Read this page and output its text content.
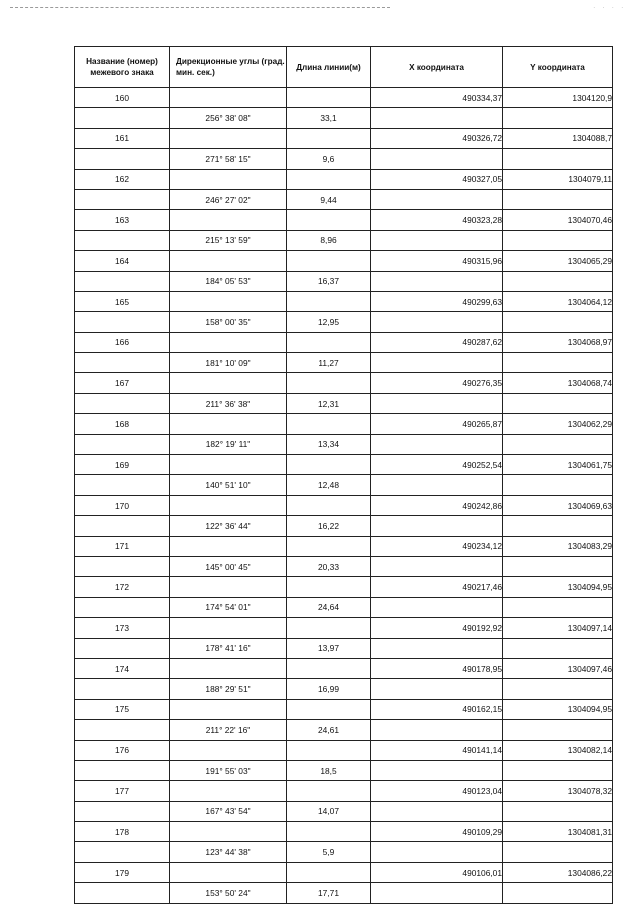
. . . .
Название (номер) межевого знака	Дирекционные углы (град. мин. сек.)	Длина линии(м)	X координата	Y координата
160			490334,37	1304120,9
	256° 38' 08"	33,1		
161			490326,72	1304088,7
	271° 58' 15"	9,6		
162			490327,05	1304079,11
	246° 27' 02"	9,44		
163			490323,28	1304070,46
	215° 13' 59"	8,96		
164			490315,96	1304065,29
	184° 05' 53"	16,37		
165			490299,63	1304064,12
	158° 00' 35"	12,95		
166			490287,62	1304068,97
	181° 10' 09"	11,27		
167			490276,35	1304068,74
	211° 36' 38"	12,31		
168			490265,87	1304062,29
	182° 19' 11"	13,34		
169			490252,54	1304061,75
	140° 51' 10"	12,48		
170			490242,86	1304069,63
	122° 36' 44"	16,22		
171			490234,12	1304083,29
	145° 00' 45"	20,33		
172			490217,46	1304094,95
	174° 54' 01"	24,64		
173			490192,92	1304097,14
	178° 41' 16"	13,97		
174			490178,95	1304097,46
	188° 29' 51"	16,99		
175			490162,15	1304094,95
	211° 22' 16"	24,61		
176			490141,14	1304082,14
	191° 55' 03"	18,5		
177			490123,04	1304078,32
	167° 43' 54"	14,07		
178			490109,29	1304081,31
	123° 44' 38"	5,9		
179			490106,01	1304086,22
	153° 50' 24"	17,71		
